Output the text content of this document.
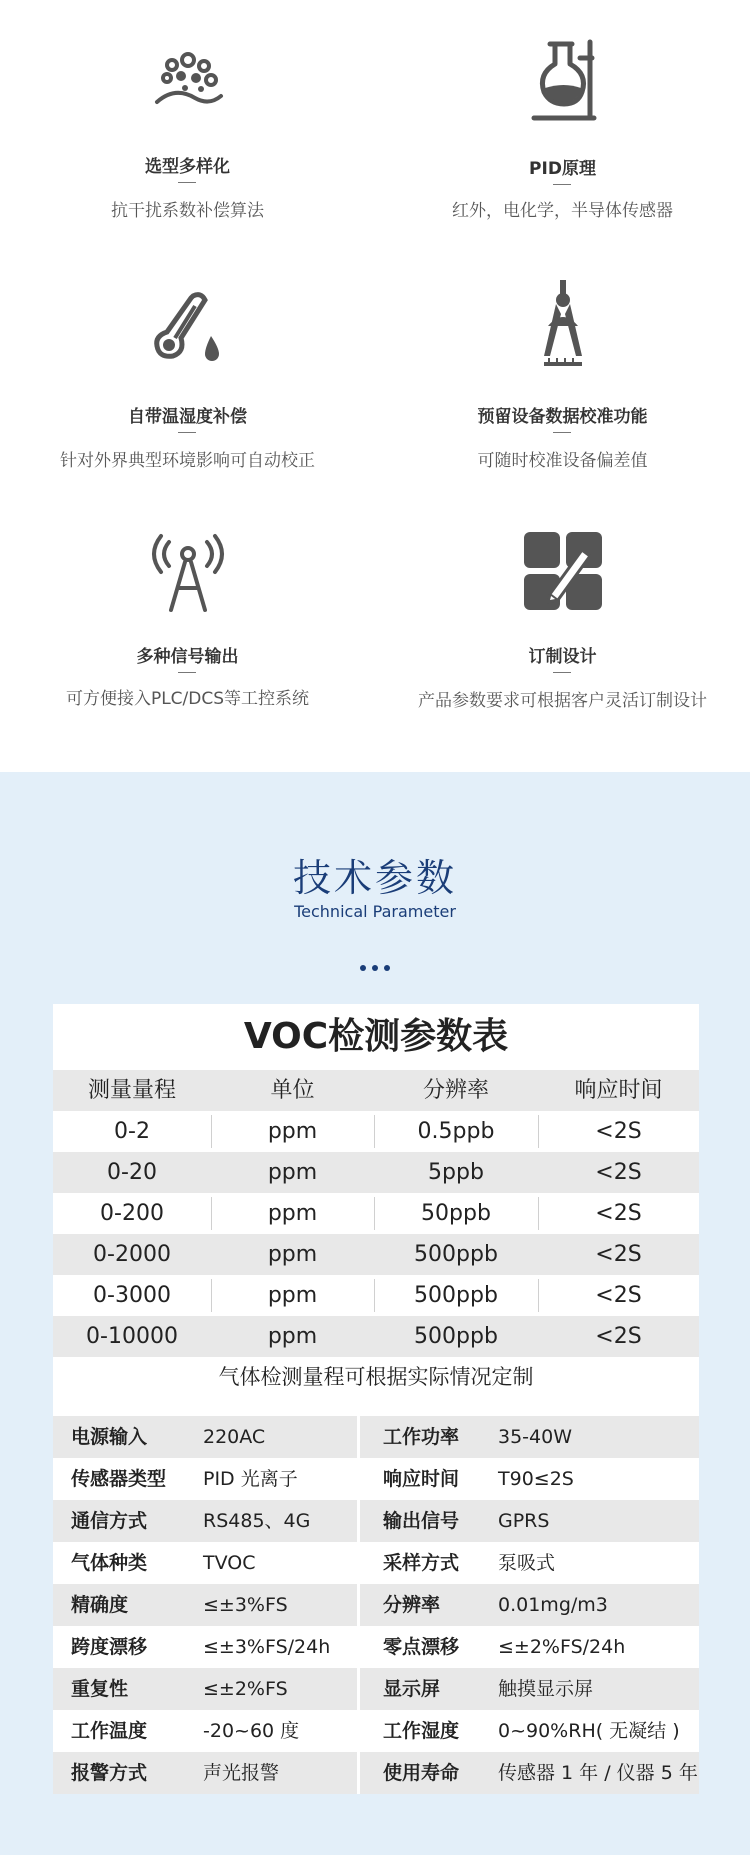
选型多样化
抗干扰系数补偿算法
PID原理
红外，电化学，半导体传感器
自带温湿度补偿
针对外界典型环境影响可自动校正
预留设备数据校准功能
可随时校准设备偏差值
多种信号输出
可方便接入PLC/DCS等工控系统
订制设计
产品参数要求可根据客户灵活订制设计
技术参数
Technical Parameter
VOC检测参数表
测量量程	单位	分辨率	响应时间
0-2	ppm	0.5ppb	<2S
0-20	ppm	5ppb	<2S
0-200	ppm	50ppb	<2S
0-2000	ppm	500ppb	<2S
0-3000	ppm	500ppb	<2S
0-10000	ppm	500ppb	<2S
气体检测量程可根据实际情况定制
电源输入	220AC	工作功率 35-40W
传感器类型 PID 光离子	响应时间 T90≤2S
通信方式	RS485、4G	输出信号 GPRS
气体种类	TVOC	采样方式 泵吸式
精确度	≤±3%FS	分辨率	0.01mg/m3
跨度漂移	≤±3%FS/24h	零点漂移 ≤±2%FS/24h
重复性	≤±2%FS	显示屏	触摸显示屏
工作温度	-20~60 度	工作湿度 0~90%RH( 无凝结 )
报警方式	声光报警	使用寿命 传感器 1 年 / 仪器 5 年
